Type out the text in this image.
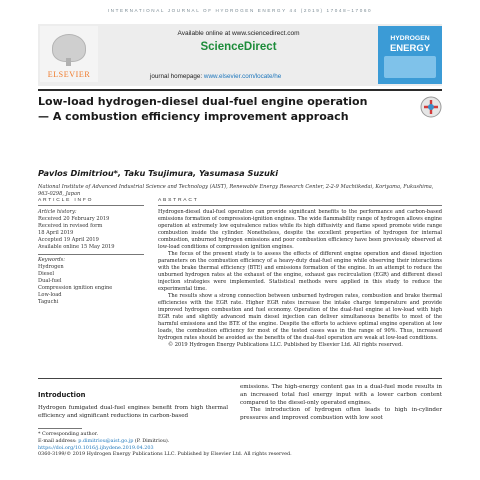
INTERNATIONAL JOURNAL OF HYDROGEN ENERGY 44 (2019) 17048–17060
ELSEVIER
Available online at www.sciencedirect.com
ScienceDirect
journal homepage: www.elsevier.com/locate/he
HYDROGEN
ENERGY
Low-load hydrogen-diesel dual-fuel engine operation — A combustion efficiency improvement approach
Pavlos Dimitriou*, Taku Tsujimura, Yasumasa Suzuki
National Institute of Advanced Industrial Science and Technology (AIST), Renewable Energy Research Center, 2-2-9 Machiikedai, Koriyama, Fukushima, 963-0298, Japan
ARTICLE INFO	ABSTRACT
Article history:
Received 20 February 2019
Received in revised form
18 April 2019
Accepted 19 April 2019
Available online 15 May 2019
Keywords:
Hydrogen
Diesel
Dual-fuel
Compression ignition engine
Low-load
Taguchi

Hydrogen-diesel dual-fuel operation can provide significant benefits to the performance and carbon-based emissions formation of compression-ignition engines. The wide flammability range of hydrogen allows engine operation at extremely low equivalence ratios while its high diffusivity and flame speed promote wide range combustion inside the cylinder. Nonetheless, despite the excellent properties of hydrogen for internal combustion, unburned hydrogen emissions and poor combustion efficiency have been previously observed at low-load conditions of compression ignition engines.

The focus of the present study is to assess the effects of different engine operation and diesel injection parameters on the combustion efficiency of a heavy-duty dual-fuel engine while observing their interactions with the brake thermal efficiency (BTE) and emissions formation of the engine. In an attempt to reduce the unburned hydrogen rates at the exhaust of the engine, exhaust gas recirculation (EGR) and different diesel injection strategies were implemented. Statistical methods were applied in this study to reduce the experimental time.

The results show a strong connection between unburned hydrogen rates, combustion and brake thermal efficiencies with the EGR rate. Higher EGR rates increase the intake charge temperature and provide improved hydrogen combustion and fuel economy. Operation of the dual-fuel engine at low-load with high EGR rate and slightly advanced main diesel injection can deliver simultaneous benefits to most of the harmful emissions and the BTE of the engine. Despite the efforts to achieve optimal engine operation at low loads, the combustion efficiency for most of the tested cases was in the range of 90%. Thus, increased hydrogen rates should be avoided as the benefits of the dual-fuel operation are weak at low-load conditions.

© 2019 Hydrogen Energy Publications LLC. Published by Elsevier Ltd. All rights reserved.

Introduction
Hydrogen fumigated dual-fuel engines benefit from high thermal efficiency and significant reductions in carbon-based

emissions. The high-energy content gas in a dual-fuel mode results in an increased total fuel energy input with a lower carbon content compared to the diesel-only operated engines.

The introduction of hydrogen often leads to high in-cylinder pressures and improved combustion with low soot

* Corresponding author.
E-mail address: p.dimitriou@aist.go.jp (P. Dimitriou).
https://doi.org/10.1016/j.ijhydene.2019.04.203
0360-3199/© 2019 Hydrogen Energy Publications LLC. Published by Elsevier Ltd. All rights reserved.
